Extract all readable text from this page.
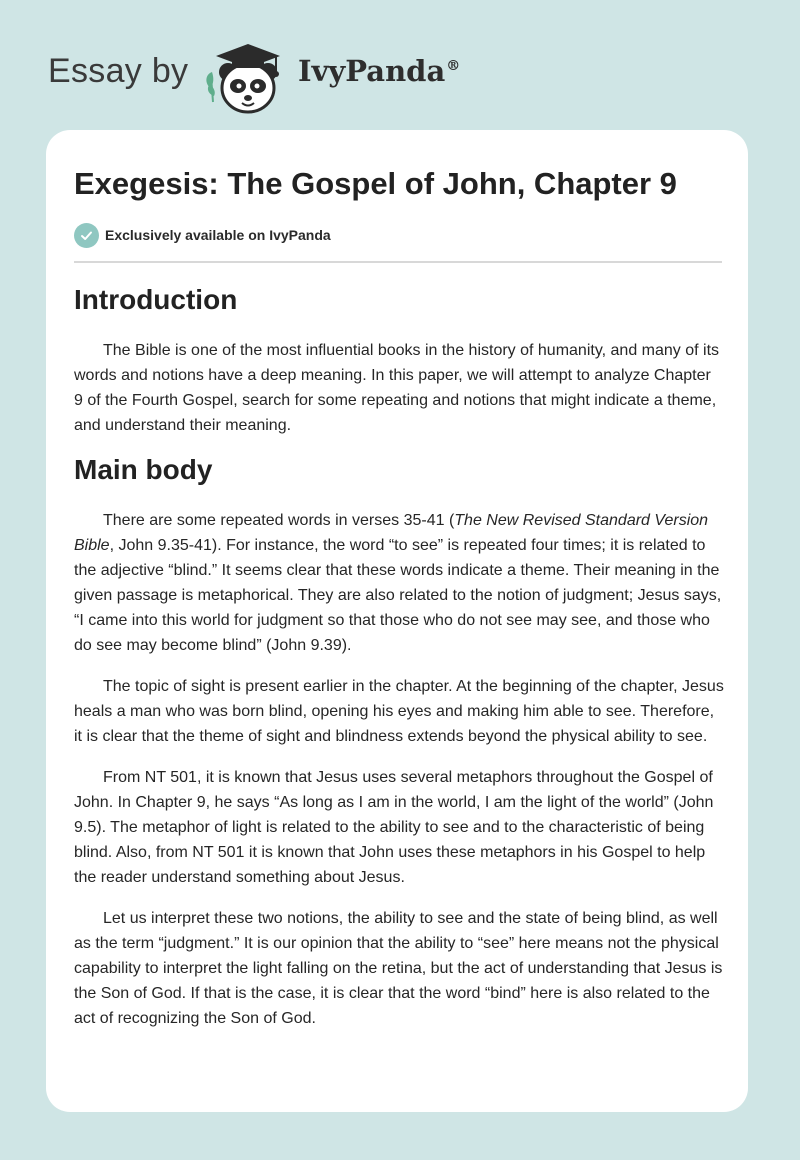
Essay by	IvyPanda®
Exegesis: The Gospel of John, Chapter 9
Exclusively available on IvyPanda
Introduction

The Bible is one of the most influential books in the history of humanity, and many of its words and notions have a deep meaning. In this paper, we will attempt to analyze Chapter 9 of the Fourth Gospel, search for some repeating and notions that might indicate a theme, and understand their meaning.

Main body

There are some repeated words in verses 35-41 (The New Revised Standard Version Bible, John 9.35-41). For instance, the word “to see” is repeated four times; it is related to the adjective “blind.” It seems clear that these words indicate a theme. Their meaning in the given passage is metaphorical. They are also related to the notion of judgment; Jesus says, “I came into this world for judgment so that those who do not see may see, and those who do see may become blind” (John 9.39).

The topic of sight is present earlier in the chapter. At the beginning of the chapter, Jesus heals a man who was born blind, opening his eyes and making him able to see. Therefore, it is clear that the theme of sight and blindness extends beyond the physical ability to see.

From NT 501, it is known that Jesus uses several metaphors throughout the Gospel of John. In Chapter 9, he says “As long as I am in the world, I am the light of the world” (John 9.5). The metaphor of light is related to the ability to see and to the characteristic of being blind. Also, from NT 501 it is known that John uses these metaphors in his Gospel to help the reader understand something about Jesus.

Let us interpret these two notions, the ability to see and the state of being blind, as well as the term “judgment.” It is our opinion that the ability to “see” here means not the physical capability to interpret the light falling on the retina, but the act of understanding that Jesus is the Son of God. If that is the case, it is clear that the word “bind” here is also related to the act of recognizing the Son of God.
